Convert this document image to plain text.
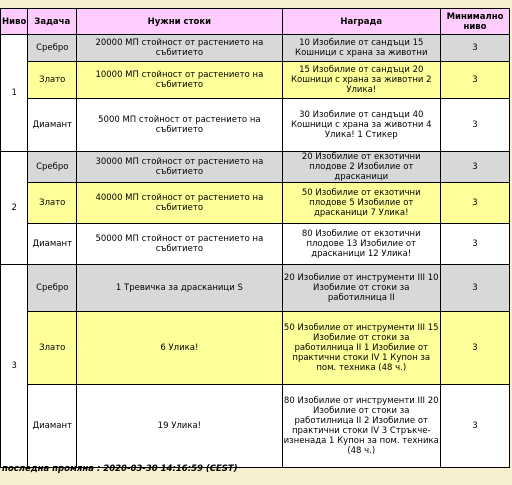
Ниво	Задача	Нужни стоки	Награда	Минимално ниво
1	Сребро	20000 МП стойност от растението на събитието	10 Изобилие от сандъци 15 Кошници с храна за животни	3
	Злато	10000 МП стойност от растението на събитието	15 Изобилие от сандъци 20 Кошници с храна за животни 2 Улика!	3
	Диамант	5000 МП стойност от растението на събитието	30 Изобилие от сандъци 40 Кошници с храна за животни 4 Улика! 1 Стикер	3
2	Сребро	30000 МП стойност от растението на събитието	20 Изобилие от екзотични плодове 2 Изобилие от драсканици	3
	Злато	40000 МП стойност от растението на събитието	50 Изобилие от екзотични плодове 5 Изобилие от драсканици 7 Улика!	3
	Диамант	50000 МП стойност от растението на събитието	80 Изобилие от екзотични плодове 13 Изобилие от драсканици 12 Улика!	3
3	Сребро	1 Тревичка за драсканици S	20 Изобилие от инструменти III 10 Изобилие от стоки за работилница II	3
	Злато	6 Улика!	50 Изобилие от инструменти III 15 Изобилие от стоки за работилница II 1 Изобилие от практични стоки IV 1 Купон за пом. техника (48 ч.)	3
	Диамант	19 Улика!	80 Изобилие от инструменти III 20 Изобилие от стоки за работилница II 2 Изобилие от практични стоки IV 3 Стръкче-изненада 1 Купон за пом. техника (48 ч.)	3
последна промяна : 2020-03-30 14:16:59 (CEST)
